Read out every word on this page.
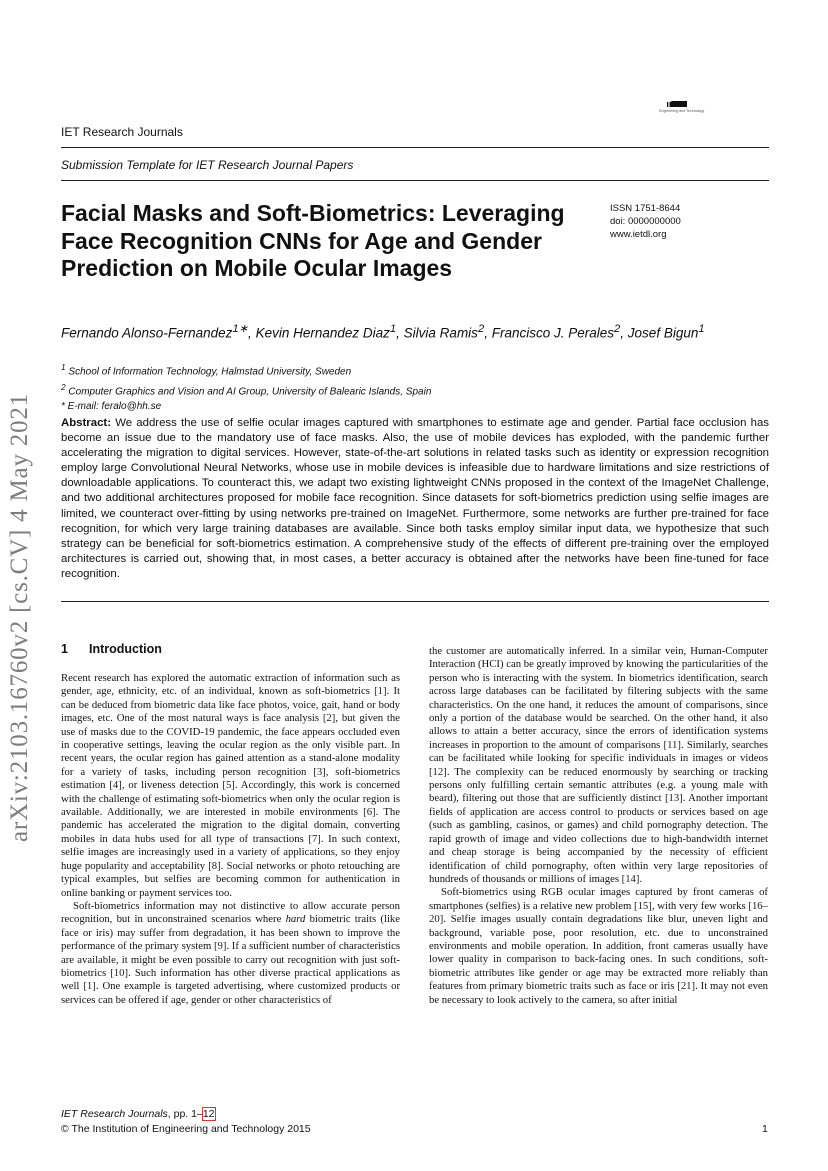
arXiv:2103.16760v2 [cs.CV] 4 May 2021
IET
Engineering and Technology
IET Research Journals
Submission Template for IET Research Journal Papers
Facial Masks and Soft-Biometrics: Leveraging Face Recognition CNNs for Age and Gender Prediction on Mobile Ocular Images
ISSN 1751-8644
doi: 0000000000
www.ietdl.org
Fernando Alonso-Fernandez$^{1∗}$, Kevin Hernandez Diaz$^1$, Silvia Ramis$^2$, Francisco J. Perales$^2$, Josef Bigun$^1$
$^1$ School of Information Technology, Halmstad University, Sweden
$^2$ Computer Graphics and Vision and AI Group, University of Balearic Islands, Spain
* E-mail: feralo@hh.se

Abstract: We address the use of selfie ocular images captured with smartphones to estimate age and gender. Partial face occlusion has become an issue due to the mandatory use of face masks. Also, the use of mobile devices has exploded, with the pandemic further accelerating the migration to digital services. However, state-of-the-art solutions in related tasks such as identity or expression recognition employ large Convolutional Neural Networks, whose use in mobile devices is infeasible due to hardware limitations and size restrictions of downloadable applications. To counteract this, we adapt two existing lightweight CNNs proposed in the context of the ImageNet Challenge, and two additional architectures proposed for mobile face recognition. Since datasets for soft-biometrics prediction using selfie images are limited, we counteract over-fitting by using networks pre-trained on ImageNet. Furthermore, some networks are further pre-trained for face recognition, for which very large training databases are available. Since both tasks employ similar input data, we hypothesize that such strategy can be beneficial for soft-biometrics estimation. A comprehensive study of the effects of different pre-training over the employed architectures is carried out, showing that, in most cases, a better accuracy is obtained after the networks have been fine-tuned for face recognition.

1 Introduction

Recent research has explored the automatic extraction of information such as gender, age, ethnicity, etc. of an individual, known as soft-biometrics [1]. It can be deduced from biometric data like face photos, voice, gait, hand or body images, etc. One of the most natural ways is face analysis [2], but given the use of masks due to the COVID-19 pandemic, the face appears occluded even in cooperative settings, leaving the ocular region as the only visible part. In recent years, the ocular region has gained attention as a stand-alone modality for a variety of tasks, including person recognition [3], soft-biometrics estimation [4], or liveness detection [5]. Accordingly, this work is concerned with the challenge of estimating soft-biometrics when only the ocular region is available. Additionally, we are interested in mobile environments [6]. The pandemic has accelerated the migration to the digital domain, converting mobiles in data hubs used for all type of transactions [7]. In such context, selfie images are increasingly used in a variety of applications, so they enjoy huge popularity and acceptability [8]. Social networks or photo retouching are typical examples, but selfies are becoming common for authentication in online banking or payment services too.

Soft-biometrics information may not distinctive to allow accurate person recognition, but in unconstrained scenarios where hard biometric traits (like face or iris) may suffer from degradation, it has been shown to improve the performance of the primary system [9]. If a sufficient number of characteristics are available, it might be even possible to carry out recognition with just soft-biometrics [10]. Such information has other diverse practical applications as well [1]. One example is targeted advertising, where customized products or services can be offered if age, gender or other characteristics of

the customer are automatically inferred. In a similar vein, Human-Computer Interaction (HCI) can be greatly improved by knowing the particularities of the person who is interacting with the system. In biometrics identification, search across large databases can be facilitated by filtering subjects with the same characteristics. On the one hand, it reduces the amount of comparisons, since only a portion of the database would be searched. On the other hand, it also allows to attain a better accuracy, since the errors of identification systems increases in proportion to the amount of comparisons [11]. Similarly, searches can be facilitated while looking for specific individuals in images or videos [12]. The complexity can be reduced enormously by searching or tracking persons only fulfilling certain semantic attributes (e.g. a young male with beard), filtering out those that are sufficiently distinct [13]. Another important fields of application are access control to products or services based on age (such as gambling, casinos, or games) and child pornography detection. The rapid growth of image and video collections due to high-bandwidth internet and cheap storage is being accompanied by the necessity of efficient identification of child pornography, often within very large repositories of hundreds of thousands or millions of images [14].

Soft-biometrics using RGB ocular images captured by front cameras of smartphones (selfies) is a relative new problem [15], with very few works [16–20]. Selfie images usually contain degradations like blur, uneven light and background, variable pose, poor resolution, etc. due to unconstrained environments and mobile operation. In addition, front cameras usually have lower quality in comparison to back-facing ones. In such conditions, soft-biometric attributes like gender or age may be extracted more reliably than features from primary biometric traits such as face or iris [21]. It may not even be necessary to look actively to the camera, so after initial

IET Research Journals, pp. 1–12
© The Institution of Engineering and Technology 2015	1
